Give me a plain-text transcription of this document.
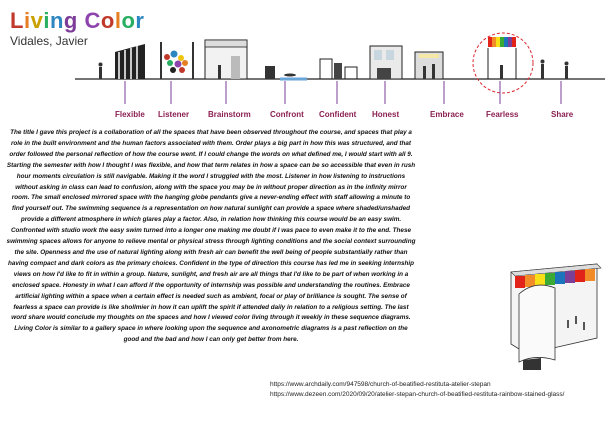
Living Color
Vidales, Javier
Flexible Listener Brainstorm Confront Confident Honest	Embrace	Fearless	Share

The title I gave this project is a collaboration of all the spaces that have been observed throughout the course, and spaces that play a role in the built environment and the human factors associated with them. Order plays a big part in how this was structured, and that order followed the personal reflection of how the course went. If I could change the words on what defined me, I would start with all 9. Starting the semester with how I thought I was flexible, and how that term relates in how a space can be so accessible that even in rush hour moments circulation is still navigable. Making it the word I struggled with the most. Listener in how listening to instructions without asking in class can lead to confusion, along with the space you may be in without proper direction as in the infinity mirror room. The small enclosed mirrored space with the hanging globe pendants give a never-ending effect with staff allowing a minute to find yourself out. The swimming sequence is a representation on how natural sunlight can provide a space where shaded/unshaded provide a different atmosphere in which glares play a factor. Also, in relation how thinking this course would be an easy swim. Confronted with studio work the easy swim turned into a longer one making me doubt if I was pace to even make it to the end. These swimming spaces allows for anyone to relieve mental or physical stress through lighting conditions and the social context surrounding the site. Openness and the use of natural lighting along with fresh air can benefit the well being of people substantially rather than having compact and dark colors as the primary choices. Confident in the type of direction this course has led me in seeking internship views on how I'd like to fit in within a group. Nature, sunlight, and fresh air are all things that I'd like to be part of when working in a enclosed space. Honesty in what I can afford if the opportunity of internship was possible and understanding the routines. Embrace artificial lighting within a space when a certain effect is needed such as ambient, focal or play of brilliance is sought. The sense of fearless a space can provide is like shollmier in how it can uplift the spirit if attended daily in relation to a religious setting. The last word share would conclude my thoughts on the spaces and how I viewed color living through it weekly in these sequence diagrams. Living Color is similar to a gallery space in where looking upon the sequence and axonometric diagrams is a past reflection on the good and the bad and how I can only get better from here.

https://www.archdaily.com/947598/church-of-beatified-restituta-atelier-stepan
https://www.dezeen.com/2020/09/20/atelier-stepan-church-of-beatified-restituta-rainbow-stained-glass/
